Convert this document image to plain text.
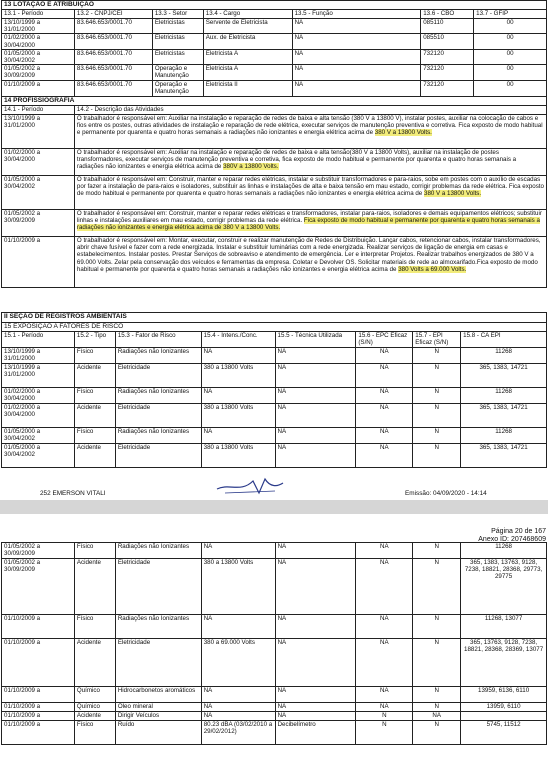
13 LOTAÇÃO E ATRIBUIÇÃO						
13.1 - Período	13.2 - CNPJ/CEI	13.3 - Setor	13.4 - Cargo	13.5 - Função	13.6 - CBO	13.7 - GFIP
13/10/1999 a 31/01/2000	83.646.653/0001.70	Eletricistas	Servente de Eletricista	NA	085110	00
01/02/2000 a 30/04/2000	83.646.653/0001.70	Eletricistas	Aux. de Eletricista	NA	085510	00
01/05/2000 a 30/04/2002	83.646.653/0001.70	Eletricistas	Eletricista A	NA	732120	00
01/05/2002 a 30/09/2009	83.646.653/0001.70	Operação e Manutenção	Eletricista A	NA	732120	00
01/10/2009 a	83.646.653/0001.70	Operação e Manutenção	Eletricista II	NA	732120	00
14 PROFISSIOGRAFIA	
14.1 - Período	14.2 - Descrição das Atividades
13/10/1999 a 31/01/2000	O trabalhador é responsável em: Auxiliar na instalação e reparação de redes de baixa e alta tensão (380 V a 13800 V), instalar postes, auxiliar na colocação de cabos e fios entre os postes, outras atividades de instalação e reparação de rede elétrica, executar serviços de manutenção preventiva e corretiva. Fica exposto de modo habitual e permanente por quarenta e quatro horas semanais a radiações não ionizantes e energia elétrica acima de 380 V a 13800 Volts.
01/02/2000 a 30/04/2000	O trabalhador é responsável em: Auxiliar na instalação e reparação de redes de baixa e alta tensão(380 V a 13800 Volts), auxiliar na instalação de postes transformadores, executar serviços de manutenção preventiva e corretiva, fica exposto de modo habitual e permanente por quarenta e quatro horas semanais a radiações não ionizantes e energia elétrica acima de 380V a 13800 Volts.
01/05/2000 a 30/04/2002	O trabalhador é responsável em: Construir, manter e reparar redes elétricas, instalar e substituir transformadores e para-raios, sobe em postes com o auxílio de escadas por fazer a instalação de para-raios e isoladores, substituir as linhas e instalações de alta e baixa tensão em mau estado, corrigir problemas da rede elétrica. Fica exposto de modo habitual e permanente por quarenta e quatro horas semanais a radiações não ionizantes e energia elétrica acima de 380 V a 13800 Volts.
01/05/2002 a 30/09/2009	O trabalhador é responsável em: Construir, manter e reparar redes elétricas e transformadores, instalar para-raios, isoladores e demais equipamentos elétricos; substituir linhas e instalações auxiliares em mau estado, corrigir problemas da rede elétrica. Fica exposto de modo habitual e permanente por quarenta e quatro horas semanais a radiações não ionizantes e energia elétrica acima de 380 V a 13800 Volts.
01/10/2009 a	O trabalhador é responsável em: Montar, executar, construir e realizar manutenção de Redes de Distribuição. Lançar cabos, retencionar cabos, instalar transformadores, abrir chave fusível e fazer com a rede energizada. Instalar e substituir luminárias com a rede energizada. Realizar serviços de ligação de energia em casas e estabelecimentos. Instalar postes. Prestar Serviços de sobreaviso e atendimento de emergência. Ler e interpretar Projetos. Realizar trabalhos energizados de 380 V a 69.000 Volts. Zelar pela conservação dos veículos e ferramentas da empresa. Coletar e Devolver OS. Solicitar materiais de rede ao almoxarifado.Fica exposto de modo habitual e permanente por quarenta e quatro horas semanais a radiações não ionizantes e energia elétrica acima de 380 Volts a 69.000 Volts.
II SEÇÃO DE REGISTROS AMBIENTAIS							
15 EXPOSIÇÃO A FATORES DE RISCO							
15.1 - Período	15.2 - Tipo	15.3 - Fator de Risco	15.4 - Intens./Conc.	15.5 - Técnica Utilizada	15.6 - EPC Eficaz (S/N)	15.7 - EPI Eficaz (S/N)	15.8 - CA EPI
13/10/1999 a 31/01/2000	Físico	Radiações não Ionizantes	NA	NA	NA	N	11268
13/10/1999 a 31/01/2000	Acidente	Eletricidade	380 a 13800 Volts	NA	NA	N	365, 1383, 14721
01/02/2000 a 30/04/2000	Físico	Radiações não Ionizantes	NA	NA	NA	N	11268
01/02/2000 a 30/04/2000	Acidente	Eletricidade	380 a 13800 Volts	NA	NA	N	365, 1383, 14721
01/05/2000 a 30/04/2002	Físico	Radiações não Ionizantes	NA	NA	NA	N	11268
01/05/2000 a 30/04/2002	Acidente	Eletricidade	380 a 13800 Volts	NA	NA	N	365, 1383, 14721
252 EMERSON VITALI	Emissão: 04/09/2020 - 14:14
Página 20 de 167
Anexo ID: 207468609
01/05/2002 a 30/09/2009	Físico	Radiações não Ionizantes	NA	NA	NA	N	11268
01/05/2002 a 30/09/2009	Acidente	Eletricidade	380 a 13800 Volts	NA	NA	N	365, 1383, 13763, 9128, 7238, 18821, 28368, 29773, 29775
01/10/2009 a	Físico	Radiações não Ionizantes	NA	NA	NA	N	11268, 13077
01/10/2009 a	Acidente	Eletricidade	380 a 69.000 Volts	NA	NA	N	365, 13763, 9128, 7238, 18821, 28368, 28369, 13077
01/10/2009 a	Químico	Hidrocarbonetos aromáticos	NA	NA	NA	N	13959, 6136, 6110
01/10/2009 a	Químico	Óleo mineral	NA	NA	NA	N	13959, 6110
01/10/2009 a	Acidente	Dirigir Veículos	NA	NA	N	NA	
01/10/2009 a	Físico	Ruído	80.23 dBA (03/02/2010 a 29/02/2012)	Decibelímetro	N	N	5745, 11512
